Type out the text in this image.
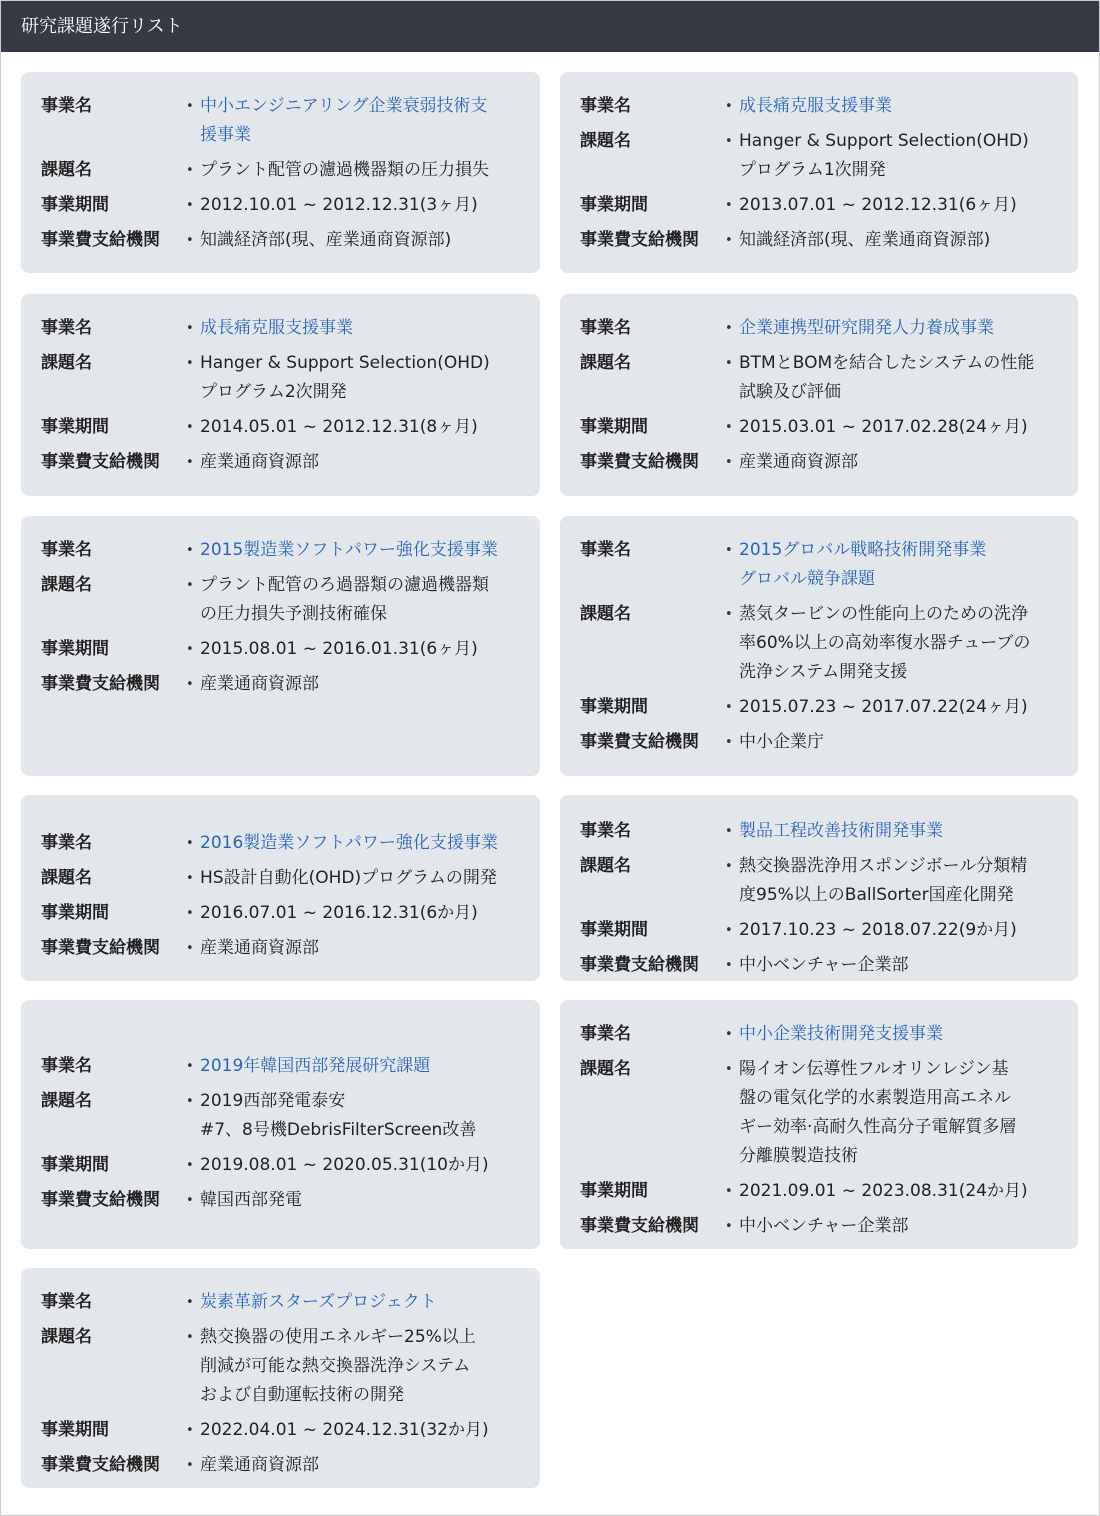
研究課題遂行リスト
事業名	
•中小エンジニアリング企業衰弱技術支
援事業

課題名	
•プラント配管の濾過機器類の圧力損失

事業期間	•2012.10.01 ~ 2012.12.31(3ヶ月)
事業費支給機関	•知識経済部(現、産業通商資源部)
事業名	
•成長痛克服支援事業

課題名	
•Hanger & Support Selection(OHD)
プログラム1次開発

事業期間	•2013.07.01 ~ 2012.12.31(6ヶ月)
事業費支給機関	•知識経済部(現、産業通商資源部)
事業名	
•成長痛克服支援事業

課題名	
•Hanger & Support Selection(OHD)
プログラム2次開発

事業期間	•2014.05.01 ~ 2012.12.31(8ヶ月)
事業費支給機関	•産業通商資源部
事業名	
•企業連携型研究開発人力養成事業

課題名	
•BTMとBOMを結合したシステムの性能
試験及び評価

事業期間	•2015.03.01 ~ 2017.02.28(24ヶ月)
事業費支給機関	•産業通商資源部
事業名	
•2015製造業ソフトパワー強化支援事業

課題名	
•プラント配管のろ過器類の濾過機器類
の圧力損失予測技術確保

事業期間	•2015.08.01 ~ 2016.01.31(6ヶ月)
事業費支給機関	•産業通商資源部
事業名	
•2015グロバル戦略技術開発事業
グロバル競争課題

課題名	
•蒸気タービンの性能向上のための洗浄
率60%以上の高効率復水器チューブの
洗浄システム開発支援

事業期間	•2015.07.23 ~ 2017.07.22(24ヶ月)
事業費支給機関	•中小企業庁
事業名	
•2016製造業ソフトパワー強化支援事業

課題名	
•HS設計自動化(OHD)プログラムの開発

事業期間	•2016.07.01 ~ 2016.12.31(6か月)
事業費支給機関	•産業通商資源部
事業名	
•製品工程改善技術開発事業

課題名	
•熱交換器洗浄用スポンジボール分類精
度95%以上のBallSorter国産化開発

事業期間	•2017.10.23 ~ 2018.07.22(9か月)
事業費支給機関	•中小ベンチャー企業部
事業名	
•2019年韓国西部発展研究課題

課題名	
•2019西部発電泰安
#7、8号機DebrisFilterScreen改善

事業期間	•2019.08.01 ~ 2020.05.31(10か月)
事業費支給機関	•韓国西部発電
事業名	
•中小企業技術開発支援事業

課題名	
•陽イオン伝導性フルオリンレジン基
盤の電気化学的水素製造用高エネル
ギー効率·高耐久性高分子電解質多層
分離膜製造技術

事業期間	•2021.09.01 ~ 2023.08.31(24か月)
事業費支給機関	•中小ベンチャー企業部
事業名	
•炭素革新スターズプロジェクト

課題名	
•熱交換器の使用エネルギー25%以上
削減が可能な熱交換器洗浄システム
および自動運転技術の開発

事業期間	•2022.04.01 ~ 2024.12.31(32か月)
事業費支給機関	•産業通商資源部
